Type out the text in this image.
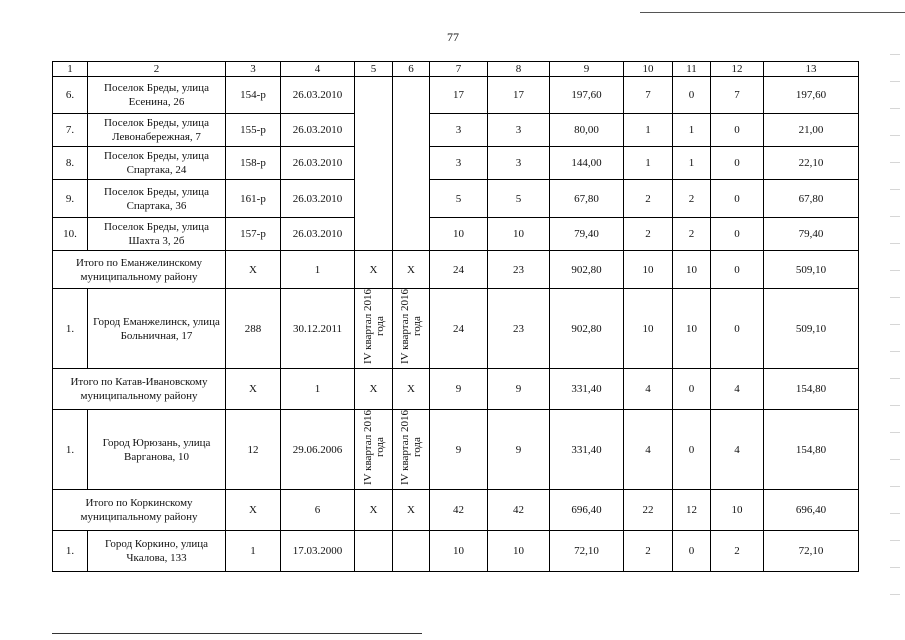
77
1	2	3	4	5	6	7	8	9	10	11	12	13
6.	Поселок Бреды, улица Есенина, 26	154-р	26.03.2010			17	17	197,60	7	0	7	197,60
7.	Поселок Бреды, улица Левонабережная, 7	155-р	26.03.2010			3	3	80,00	1	1	0	21,00
8.	Поселок Бреды, улица Спартака, 24	158-р	26.03.2010			3	3	144,00	1	1	0	22,10
9.	Поселок Бреды, улица Спартака, 36	161-р	26.03.2010			5	5	67,80	2	2	0	67,80
10.	Поселок Бреды, улица Шахта 3, 2б	157-р	26.03.2010			10	10	79,40	2	2	0	79,40
Итого по Еманжелинскому муниципальному району		X	1	X	X	24	23	902,80	10	10	0	509,10
1.	Город Еманжелинск, улица Больничная, 17	288	30.12.2011	IV квартал 2016 года	IV квартал 2016 года	24	23	902,80	10	10	0	509,10
Итого по Катав-Ивановскому муниципальному району		X	1	X	X	9	9	331,40	4	0	4	154,80
1.	Город Юрюзань, улица Варганова, 10	12	29.06.2006	IV квартал 2016 года	IV квартал 2016 года	9	9	331,40	4	0	4	154,80
Итого по Коркинскому муниципальному району		X	6	X	X	42	42	696,40	22	12	10	696,40
1.	Город Коркино, улица Чкалова, 133	1	17.03.2000			10	10	72,10	2	0	2	72,10
